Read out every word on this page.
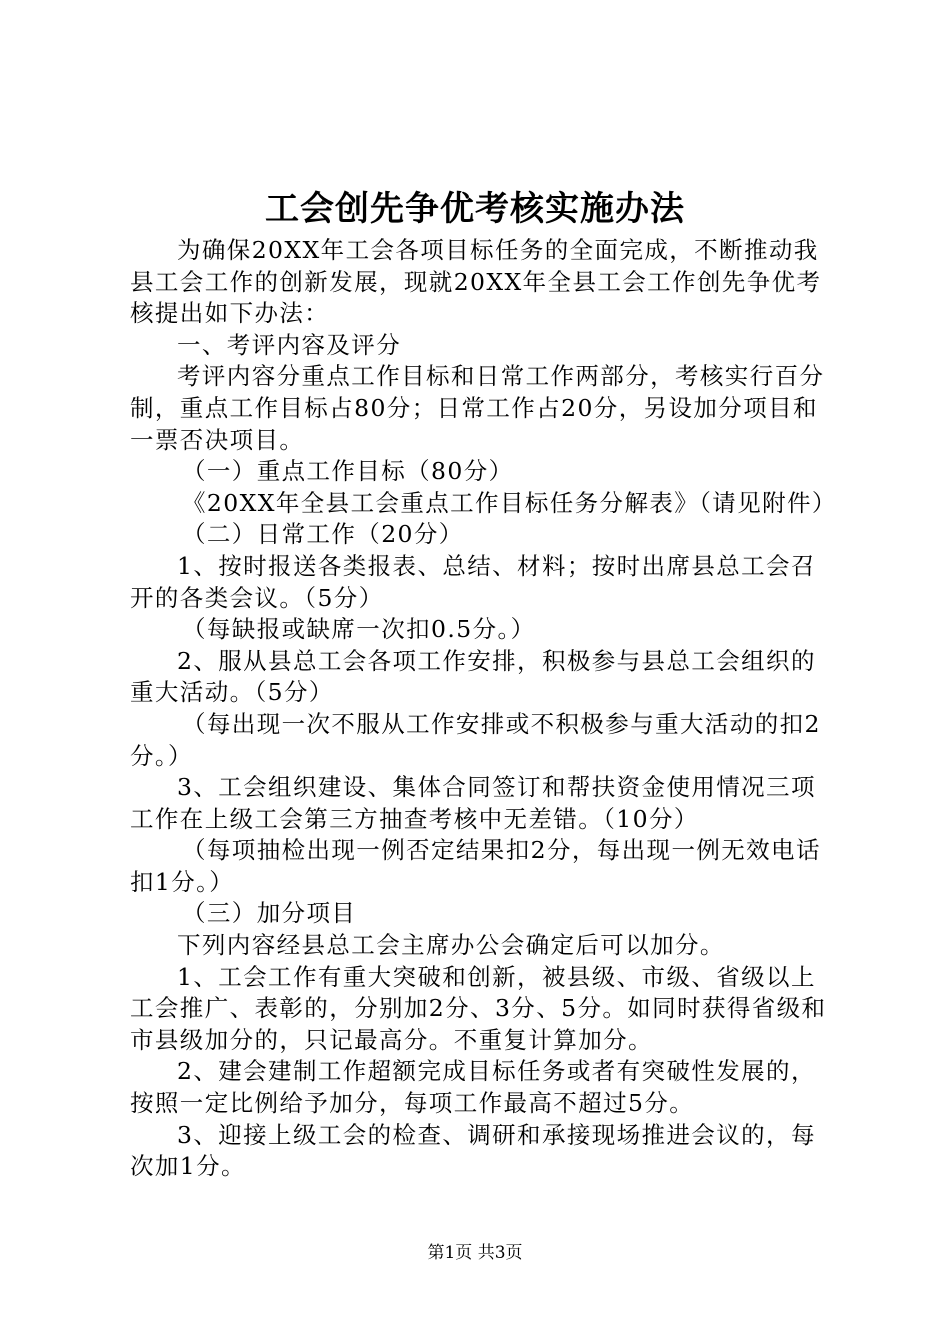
工会创先争优考核实施办法

为确保20XX年工会各项目标任务的全面完成，不断推动我县工会工作的创新发展，现就20XX年全县工会工作创先争优考核提出如下办法：

一、考评内容及评分

考评内容分重点工作目标和日常工作两部分，考核实行百分制，重点工作目标占80分；日常工作占20分，另设加分项目和一票否决项目。

（一）重点工作目标（80分）

《20XX年全县工会重点工作目标任务分解表》（请见附件）

（二）日常工作（20分）

1、按时报送各类报表、总结、材料；按时出席县总工会召开的各类会议。（5分）

（每缺报或缺席一次扣0.5分。）

2、服从县总工会各项工作安排，积极参与县总工会组织的重大活动。（5分）

（每出现一次不服从工作安排或不积极参与重大活动的扣2分。）

3、工会组织建设、集体合同签订和帮扶资金使用情况三项工作在上级工会第三方抽查考核中无差错。（10分）

（每项抽检出现一例否定结果扣2分，每出现一例无效电话扣1分。）

（三）加分项目

下列内容经县总工会主席办公会确定后可以加分。

1、工会工作有重大突破和创新，被县级、市级、省级以上工会推广、表彰的，分别加2分、3分、5分。如同时获得省级和市县级加分的，只记最高分。不重复计算加分。

2、建会建制工作超额完成目标任务或者有突破性发展的，按照一定比例给予加分，每项工作最高不超过5分。

3、迎接上级工会的检查、调研和承接现场推进会议的，每次加1分。

第1页 共3页
